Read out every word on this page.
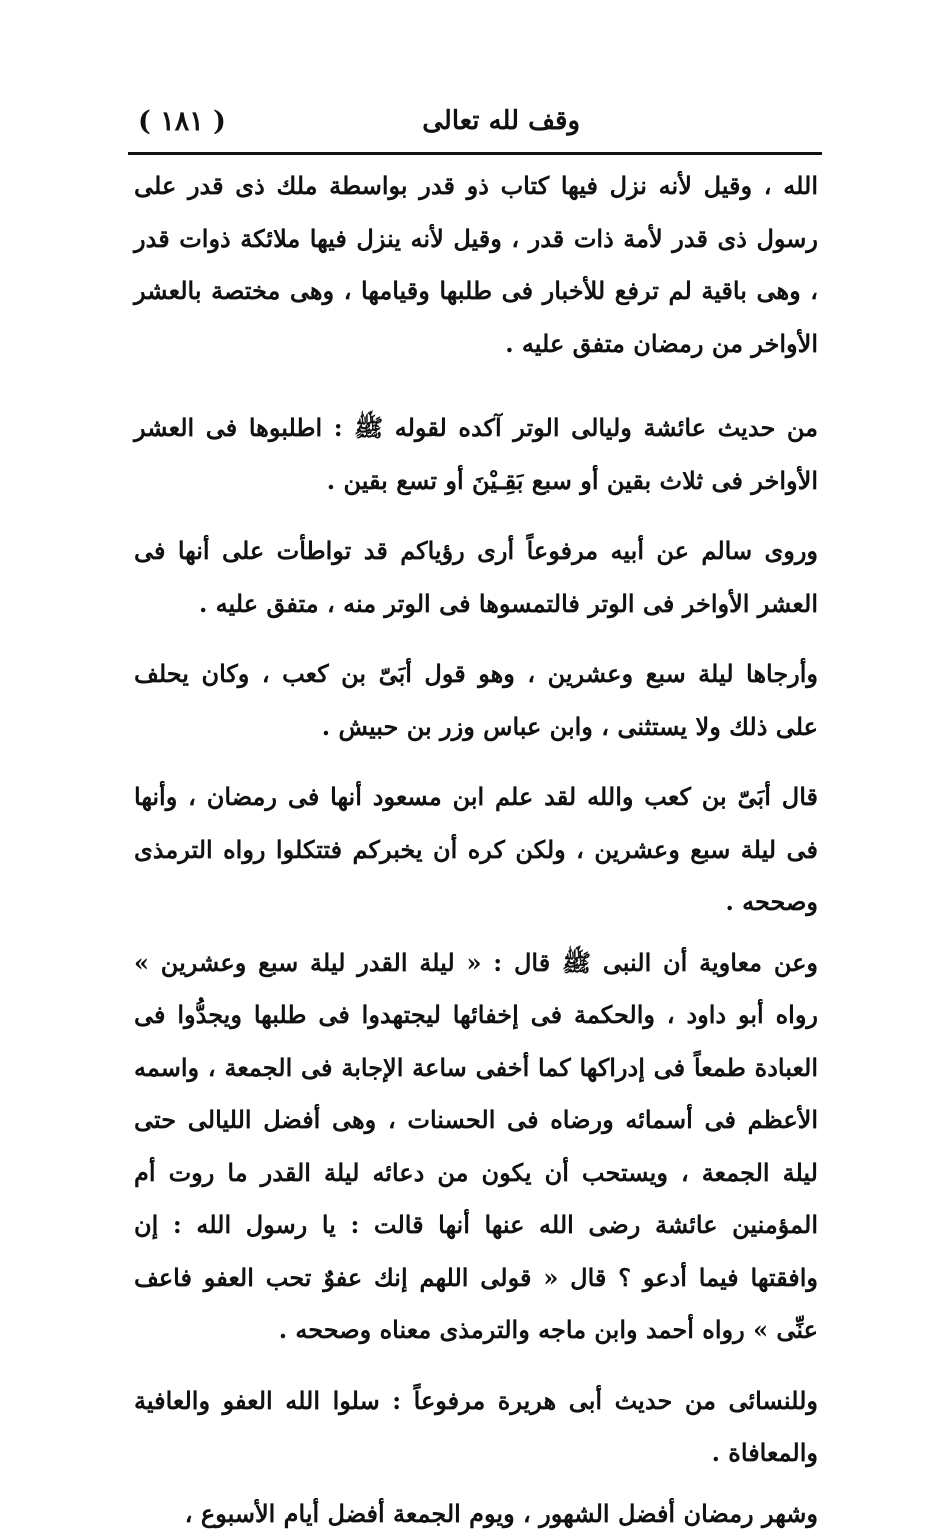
( ١٨١ )	وقف لله تعالى

الله ، وقيل لأنه نزل فيها كتاب ذو قدر بواسطة ملك ذى قدر على رسول ذى قدر لأمة ذات قدر ، وقيل لأنه ينزل فيها ملائكة ذوات قدر ، وهى باقية لم ترفع للأخبار فى طلبها وقيامها ، وهى مختصة بالعشر الأواخر من رمضان متفق عليه .

من حديث عائشة وليالى الوتر آكده لقوله ﷺ : اطلبوها فى العشر الأواخر فى ثلاث بقين أو سبع بَقِـيْنَ أو تسع بقين .

وروى سالم عن أبيه مرفوعاً أرى رؤياكم قد تواطأت على أنها فى العشر الأواخر فى الوتر فالتمسوها فى الوتر منه ، متفق عليه .

وأرجاها ليلة سبع وعشرين ، وهو قول أبَىّ بن كعب ، وكان يحلف على ذلك ولا يستثنى ، وابن عباس وزر بن حبيش .

قال أبَىّ بن كعب والله لقد علم ابن مسعود أنها فى رمضان ، وأنها فى ليلة سبع وعشرين ، ولكن كره أن يخبركم فتتكلوا رواه الترمذى وصححه .

وعن معاوية أن النبى ﷺ قال : « ليلة القدر ليلة سبع وعشرين » رواه أبو داود ، والحكمة فى إخفائها ليجتهدوا فى طلبها ويجدُّوا فى العبادة طمعاً فى إدراكها كما أخفى ساعة الإجابة فى الجمعة ، واسمه الأعظم فى أسمائه ورضاه فى الحسنات ، وهى أفضل الليالى حتى ليلة الجمعة ، ويستحب أن يكون من دعائه ليلة القدر ما روت أم المؤمنين عائشة رضى الله عنها أنها قالت : يا رسول الله : إن وافقتها فيما أدعو ؟ قال « قولى اللهم إنك عفوٌ تحب العفو فاعف عنِّى » رواه أحمد وابن ماجه والترمذى معناه وصححه .

وللنسائى من حديث أبى هريرة مرفوعاً : سلوا الله العفو والعافية والمعافاة .

وشهر رمضان أفضل الشهور ، ويوم الجمعة أفضل أيام الأسبوع ،
